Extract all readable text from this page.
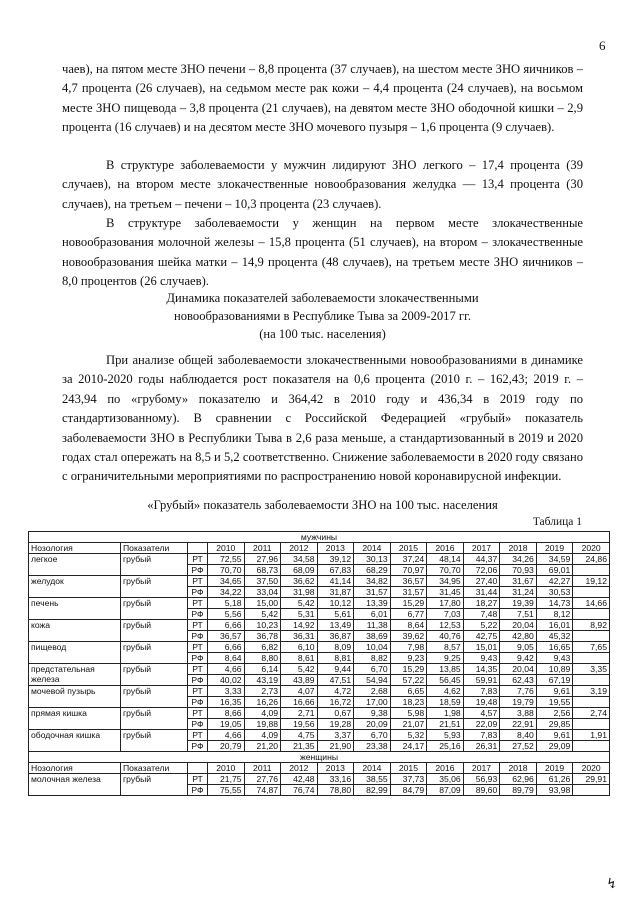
6
чаев), на пятом месте ЗНО печени – 8,8 процента (37 случаев), на шестом месте ЗНО яичников – 4,7 процента (26 случаев), на седьмом месте рак кожи – 4,4 процента (24 случаев), на восьмом месте ЗНО пищевода – 3,8 процента (21 случаев), на девятом месте ЗНО ободочной кишки – 2,9 процента (16 случаев) и на десятом месте ЗНО мочевого пузыря – 1,6 процента (9 случаев).
В структуре заболеваемости у мужчин лидируют ЗНО легкого – 17,4 процента (39 случаев), на втором месте злокачественные новообразования желудка — 13,4 процента (30 случаев), на третьем – печени – 10,3 процента (23 случаев).
В структуре заболеваемости у женщин на первом месте злокачественные новообразования молочной железы – 15,8 процента (51 случаев), на втором – злокачественные новообразования шейка матки – 14,9 процента (48 случаев), на третьем месте ЗНО яичников – 8,0 процентов (26 случаев).
Динамика показателей заболеваемости злокачественными
новообразованиями в Республике Тыва за 2009-2017 гг.
(на 100 тыс. населения)
При анализе общей заболеваемости злокачественными новообразованиями в динамике за 2010-2020 годы наблюдается рост показателя на 0,6 процента (2010 г. – 162,43; 2019 г. – 243,94 по «грубому» показателю и 364,42 в 2010 году и 436,34 в 2019 году по стандартизованному). В сравнении с Российской Федерацией «грубый» показатель заболеваемости ЗНО в Республики Тыва в 2,6 раза меньше, а стандартизованный в 2019 и 2020 годах стал опережать на 8,5 и 5,2 соответственно. Снижение заболеваемости в 2020 году связано с ограничительными мероприятиями по распространению новой коронавирусной инфекции.
«Грубый» показатель заболеваемости ЗНО на 100 тыс. населения
Таблица 1
мужчины													
Нозология	Показатели		2010	2011	2012	2013	2014	2015	2016	2017	2018	2019	2020
легкое	грубый	РТ	72,55	27,96	34,58	39,12	30,13	37,24	48,14	44,37	34,26	34,59	24,86
		РФ	70,70	68,73	68,09	67,83	68,29	70,97	70,70	72,06	70,93	69,01	
желудок	грубый	РТ	34,65	37,50	36,62	41,14	34,82	36,57	34,95	27,40	31,67	42,27	19,12
		РФ	34,22	33,04	31,98	31,87	31,57	31,57	31,45	31,44	31,24	30,53	
печень	грубый	РТ	5,18	15,00	5,42	10,12	13,39	15,29	17,80	18,27	19,39	14,73	14,66
		РФ	5,56	5,42	5,31	5,61	6,01	6,77	7,03	7,48	7,51	8,12	
кожа	грубый	РТ	6,66	10,23	14,92	13,49	11,38	8,64	12,53	5,22	20,04	16,01	8,92
		РФ	36,57	36,78	36,31	36,87	38,69	39,62	40,76	42,75	42,80	45,32	
пищевод	грубый	РТ	6,66	6,82	6,10	8,09	10,04	7,98	8,57	15,01	9,05	16,65	7,65
		РФ	8,64	8,80	8,61	8,81	8,82	9,23	9,25	9,43	9,42	9,43	
предстательная железа	грубый	РТ	4,66	6,14	5,42	9,44	6,70	15,29	13,85	14,35	20,04	10,89	3,35
		РФ	40,02	43,19	43,89	47,51	54,94	57,22	56,45	59,91	62,43	67,19	
мочевой пузырь	грубый	РТ	3,33	2,73	4,07	4,72	2,68	6,65	4,62	7,83	7,76	9,61	3,19
		РФ	16,35	16,26	16,66	16,72	17,00	18,23	18,59	19,48	19,79	19,55	
прямая кишка	грубый	РТ	8,66	4,09	2,71	0,67	9,38	5,98	1,98	4,57	3,88	2,56	2,74
		РФ	19,05	19,88	19,56	19,28	20,09	21,07	21,51	22,09	22,91	29,85	
ободочная кишка	грубый	РТ	4,66	4,09	4,75	3,37	6,70	5,32	5,93	7,83	8,40	9,61	1,91
		РФ	20,79	21,20	21,35	21,90	23,38	24,17	25,16	26,31	27,52	29,09	
женщины													
Нозология	Показатели		2010	2011	2012	2013	2014	2015	2016	2017	2018	2019	2020
молочная железа	грубый	РТ	21,75	27,76	42,48	33,16	38,55	37,73	35,06	56,93	62,96	61,26	29,91
		РФ	75,55	74,87	76,74	78,80	82,99	84,79	87,09	89,60	89,79	93,98	
↯
